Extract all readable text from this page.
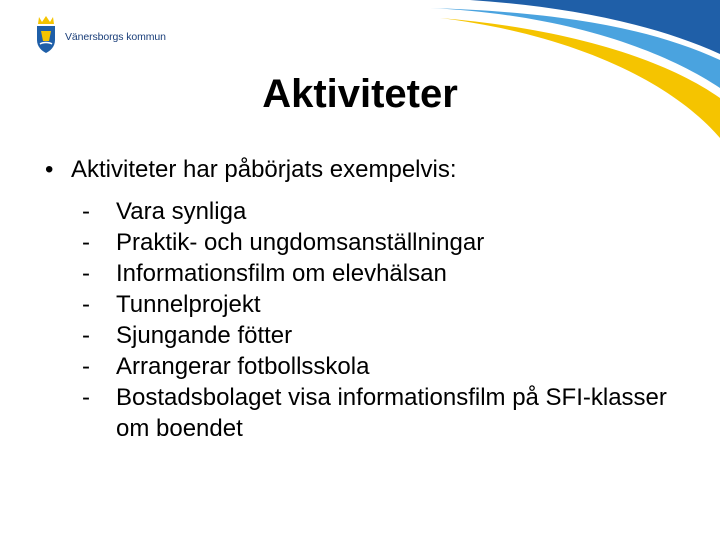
Vänersborgs kommun
Aktiviteter
• Aktiviteter har påbörjats exempelvis:
-	Vara synliga
-	Praktik- och ungdomsanställningar
-	Informationsfilm om elevhälsan
-	Tunnelprojekt
-	Sjungande fötter
-	Arrangerar fotbollsskola
-	Bostadsbolaget visa informationsfilm på SFI-klasser om boendet
